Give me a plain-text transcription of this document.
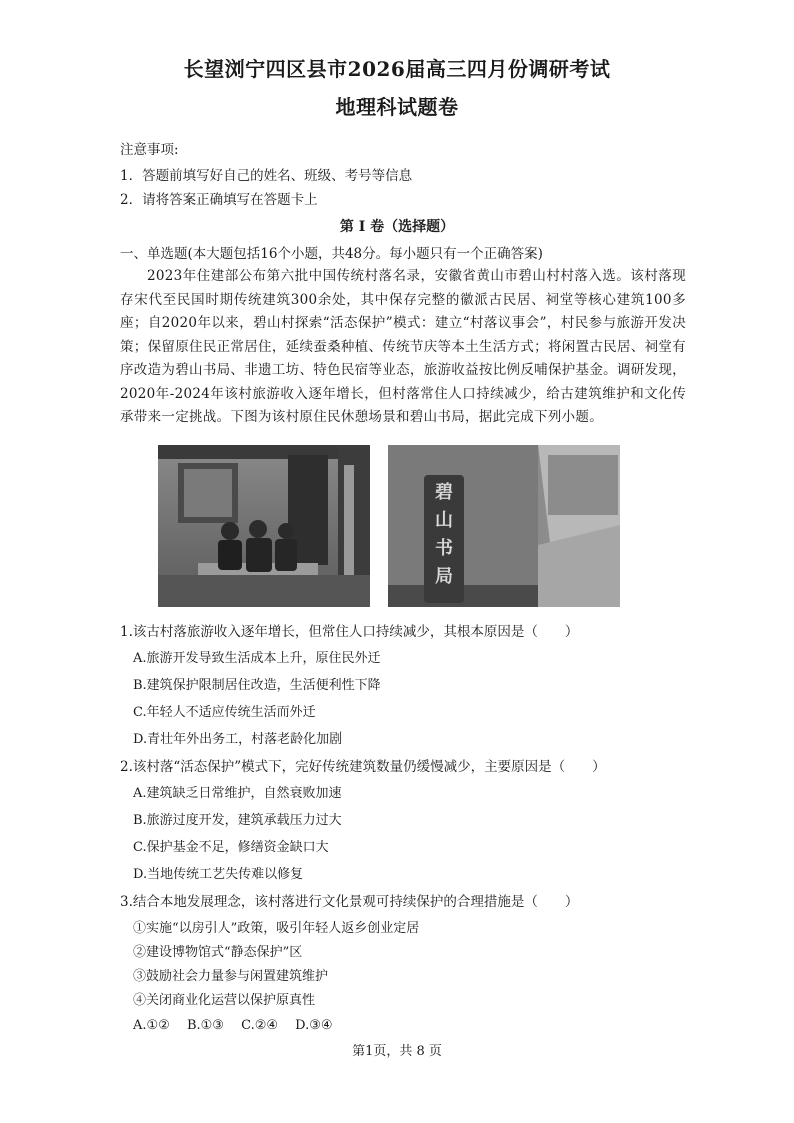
长望浏宁四区县市2026届高三四月份调研考试
地理科试题卷
注意事项:
1．答题前填写好自己的姓名、班级、考号等信息
2．请将答案正确填写在答题卡上
第 I 卷（选择题）
一、单选题(本大题包括16个小题，共48分。每小题只有一个正确答案)
2023年住建部公布第六批中国传统村落名录，安徽省黄山市碧山村村落入选。该村落现存宋代至民国时期传统建筑300余处，其中保存完整的徽派古民居、祠堂等核心建筑100多座；自2020年以来，碧山村探索“活态保护”模式：建立“村落议事会”，村民参与旅游开发决策；保留原住民正常居住，延续蚕桑种植、传统节庆等本土生活方式；将闲置古民居、祠堂有序改造为碧山书局、非遗工坊、特色民宿等业态，旅游收益按比例反哺保护基金。调研发现，2020年-2024年该村旅游收入逐年增长，但村落常住人口持续减少，给古建筑维护和文化传承带来一定挑战。下图为该村原住民休憩场景和碧山书局，据此完成下列小题。
碧
山
书
局
1.该古村落旅游收入逐年增长，但常住人口持续减少，其根本原因是（　　）
A.旅游开发导致生活成本上升，原住民外迁
B.建筑保护限制居住改造，生活便利性下降
C.年轻人不适应传统生活而外迁
D.青壮年外出务工，村落老龄化加剧
2.该村落“活态保护”模式下，完好传统建筑数量仍缓慢减少，主要原因是（　　）
A.建筑缺乏日常维护，自然衰败加速
B.旅游过度开发，建筑承载压力过大
C.保护基金不足，修缮资金缺口大
D.当地传统工艺失传难以修复
3.结合本地发展理念，该村落进行文化景观可持续保护的合理措施是（　　）
①实施“以房引人”政策，吸引年轻人返乡创业定居
②建设博物馆式“静态保护”区
③鼓励社会力量参与闲置建筑维护
④关闭商业化运营以保护原真性
A.①②　 B.①③　 C.②④　 D.③④
第1页，共 8 页
